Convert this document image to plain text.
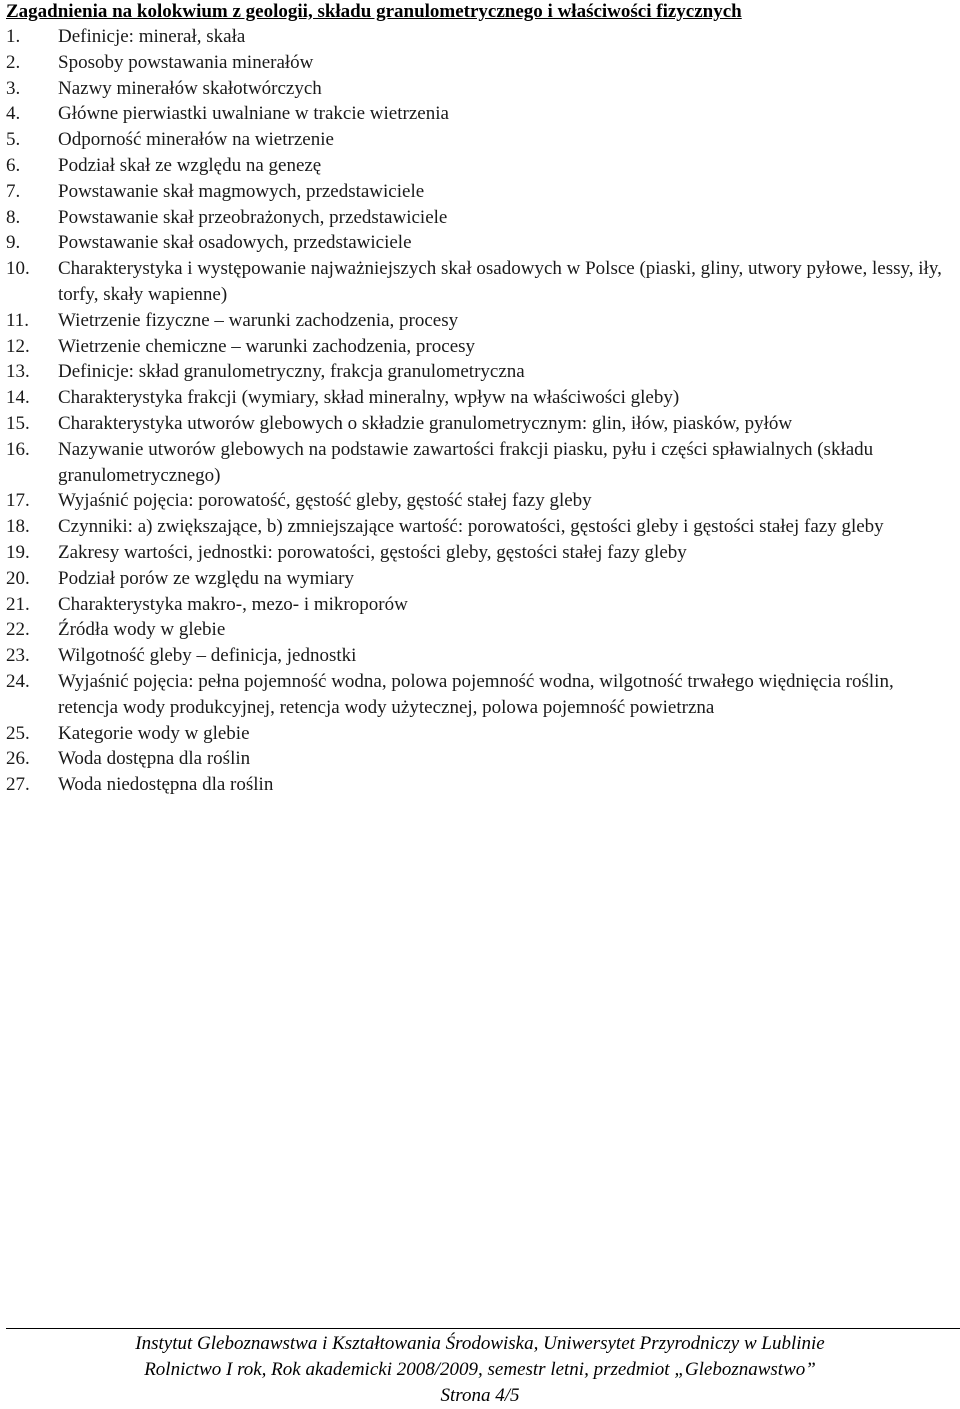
Zagadnienia na kolokwium z geologii, składu granulometrycznego i właściwości fizycznych
1.	Definicje: minerał, skała
2.	Sposoby powstawania minerałów
3.	Nazwy minerałów skałotwórczych
4.	Główne pierwiastki uwalniane w trakcie wietrzenia
5.	Odporność minerałów na wietrzenie
6.	Podział skał ze względu na genezę
7.	Powstawanie skał magmowych, przedstawiciele
8.	Powstawanie skał przeobrażonych, przedstawiciele
9.	Powstawanie skał osadowych, przedstawiciele
10.	Charakterystyka i występowanie najważniejszych skał osadowych w Polsce (piaski, gliny, utwory pyłowe, lessy, iły, torfy, skały wapienne)
11.	Wietrzenie fizyczne – warunki zachodzenia, procesy
12.	Wietrzenie chemiczne – warunki zachodzenia, procesy
13.	Definicje: skład granulometryczny, frakcja granulometryczna
14.	Charakterystyka frakcji (wymiary, skład mineralny, wpływ na właściwości gleby)
15.	Charakterystyka utworów glebowych o składzie granulometrycznym: glin, iłów, piasków, pyłów
16.	Nazywanie utworów glebowych na podstawie zawartości frakcji piasku, pyłu i części spławialnych (składu granulometrycznego)
17.	Wyjaśnić pojęcia: porowatość, gęstość gleby, gęstość stałej fazy gleby
18.	Czynniki: a) zwiększające, b) zmniejszające wartość: porowatości, gęstości gleby i gęstości stałej fazy gleby
19.	Zakresy wartości, jednostki: porowatości, gęstości gleby, gęstości stałej fazy gleby
20.	Podział porów ze względu na wymiary
21.	Charakterystyka makro-, mezo- i mikroporów
22.	Źródła wody w glebie
23.	Wilgotność gleby – definicja, jednostki
24.	Wyjaśnić pojęcia: pełna pojemność wodna, polowa pojemność wodna, wilgotność trwałego więdnięcia roślin, retencja wody produkcyjnej, retencja wody użytecznej, polowa pojemność powietrzna
25.	Kategorie wody w glebie
26.	Woda dostępna dla roślin
27.	Woda niedostępna dla roślin
Instytut Gleboznawstwa i Kształtowania Środowiska, Uniwersytet Przyrodniczy w Lublinie
Rolnictwo I rok, Rok akademicki 2008/2009, semestr letni, przedmiot „Gleboznawstwo”
Strona 4/5
